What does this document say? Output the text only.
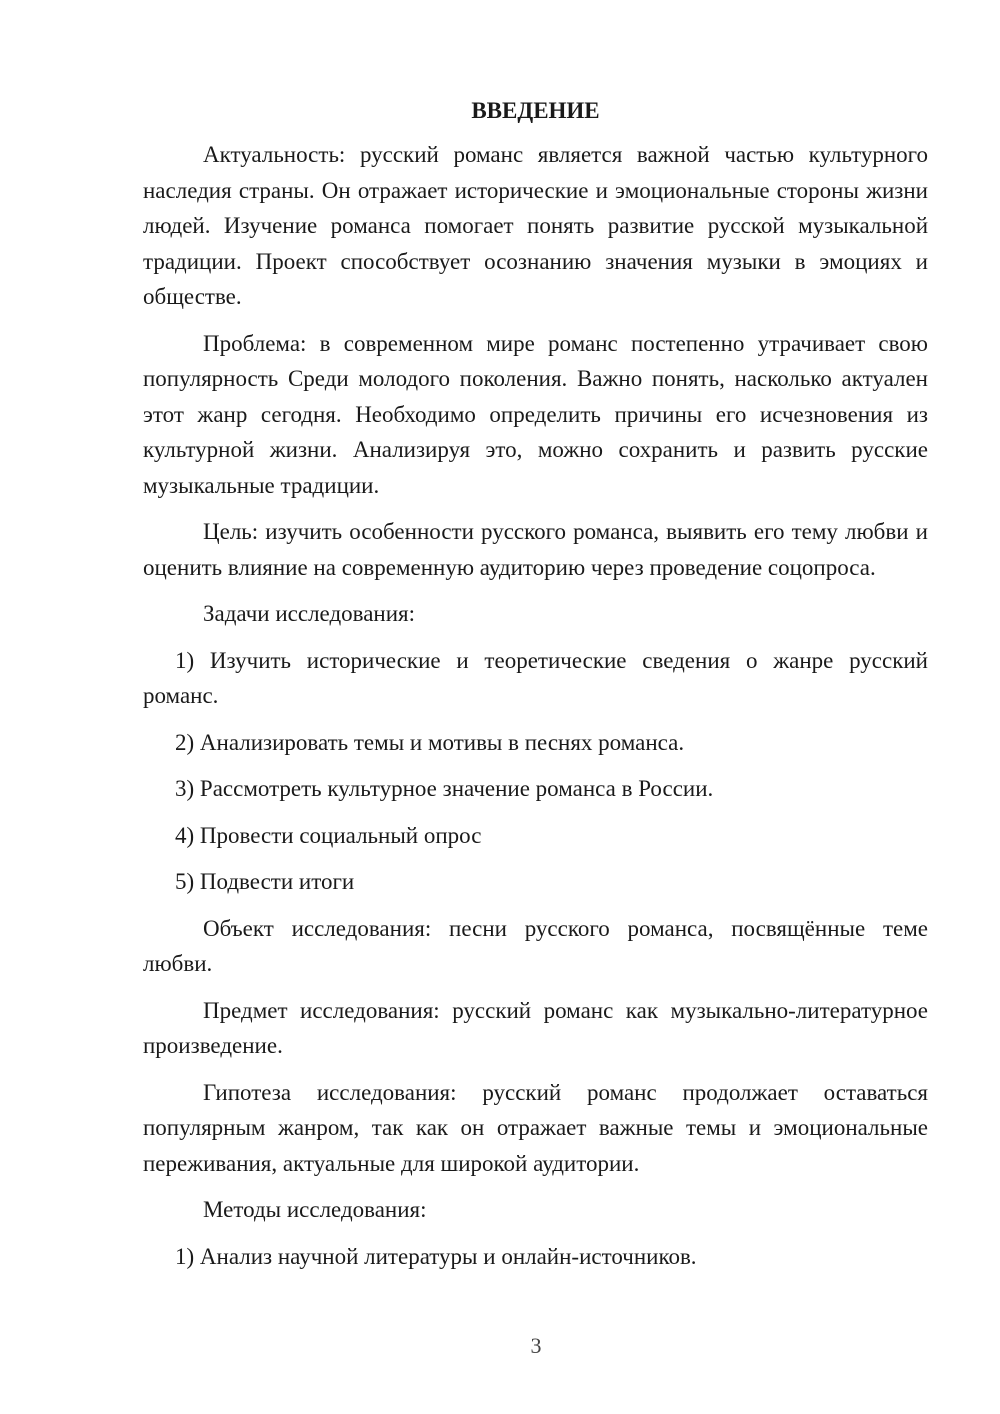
ВВЕДЕНИЕ

Актуальность: русский романс является важной частью культурного наследия страны. Он отражает исторические и эмоциональные стороны жизни людей. Изучение романса помогает понять развитие русской музыкальной традиции. Проект способствует осознанию значения музыки в эмоциях и обществе.

Проблема: в современном мире романс постепенно утрачивает свою популярность Среди молодого поколения. Важно понять, насколько актуален этот жанр сегодня. Необходимо определить причины его исчезновения из культурной жизни. Анализируя это, можно сохранить и развить русские музыкальные традиции.

Цель: изучить особенности русского романса, выявить его тему любви и оценить влияние на современную аудиторию через проведение соцопроса.

Задачи исследования:

1) Изучить исторические и теоретические сведения о жанре русский романс.

2) Анализировать темы и мотивы в песнях романса.

3) Рассмотреть культурное значение романса в России.

4) Провести социальный опрос

5) Подвести итоги

Объект исследования: песни русского романса, посвящённые теме любви.

Предмет исследования: русский романс как музыкально-литературное произведение.

Гипотеза исследования: русский романс продолжает оставаться популярным жанром, так как он отражает важные темы и эмоциональные переживания, актуальные для широкой аудитории.

Методы исследования:

1) Анализ научной литературы и онлайн-источников.

3
